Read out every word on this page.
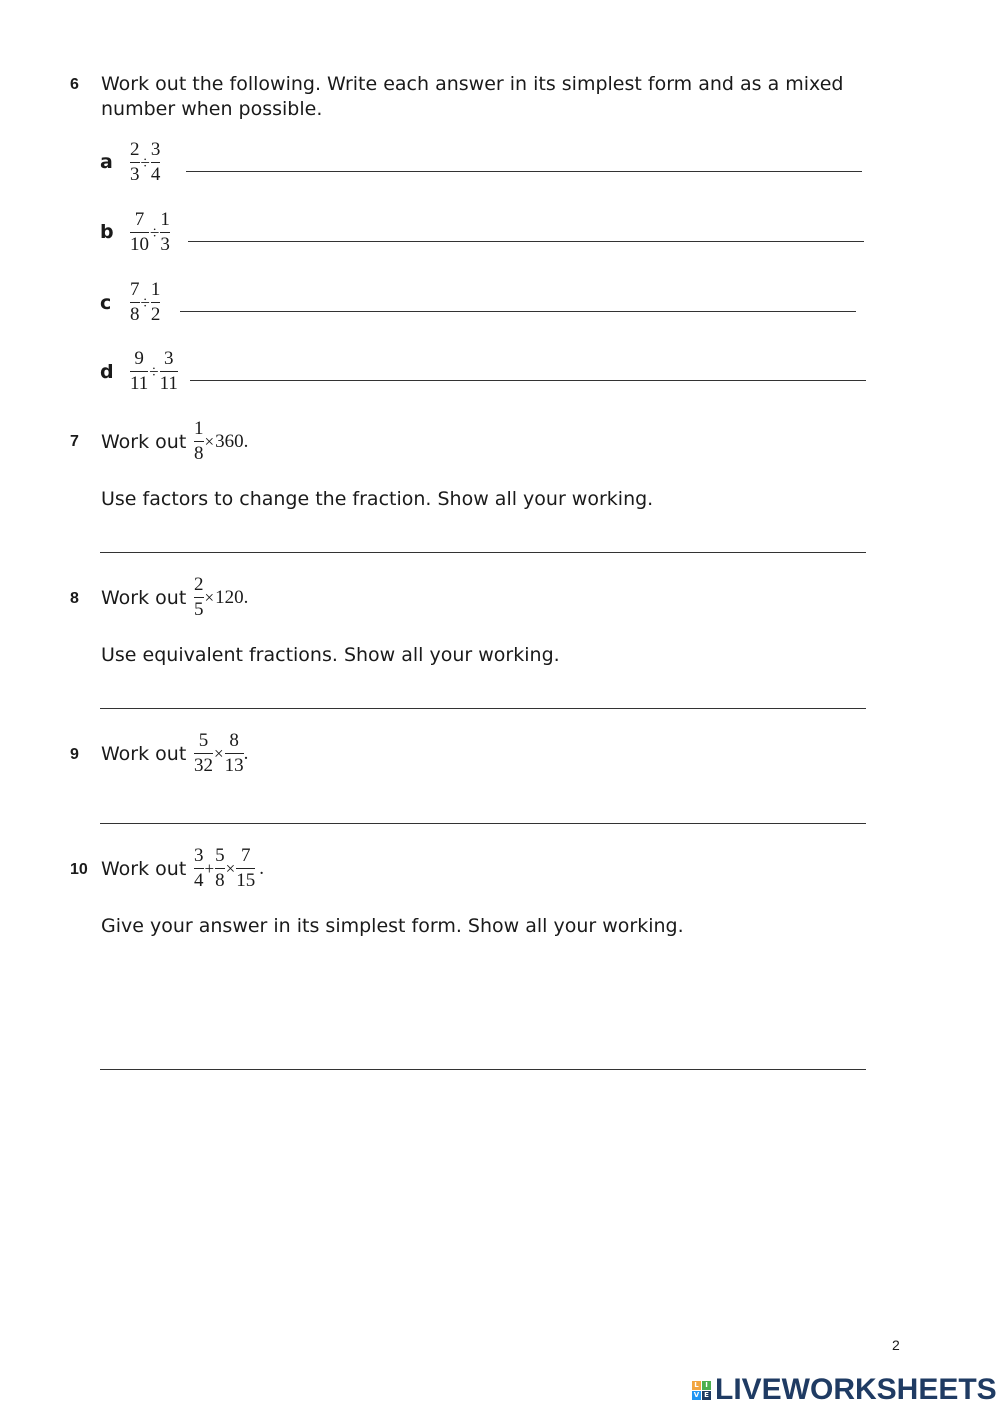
6 Work out the following. Write each answer in its simplest form and as a mixed
number when possible.
a $\frac{2}{3} \div \frac{3}{4}$
b $\frac{7}{10} \div \frac{1}{3}$
c $\frac{7}{8} \div \frac{1}{2}$
d $\frac{9}{11} \div \frac{3}{11}$
7 Work out $\frac{1}{8} \times 360$.
Use factors to change the fraction. Show all your working.
8 Work out $\frac{2}{5} \times 120$.
Use equivalent fractions. Show all your working.
9 Work out $\frac{5}{32} \times \frac{8}{13}$ .
10 Work out $\frac{3}{4} + \frac{5}{8} \times \frac{7}{15}$ .
Give your answer in its simplest form. Show all your working.
2
L I
V E LIVEWORKSHEETS
